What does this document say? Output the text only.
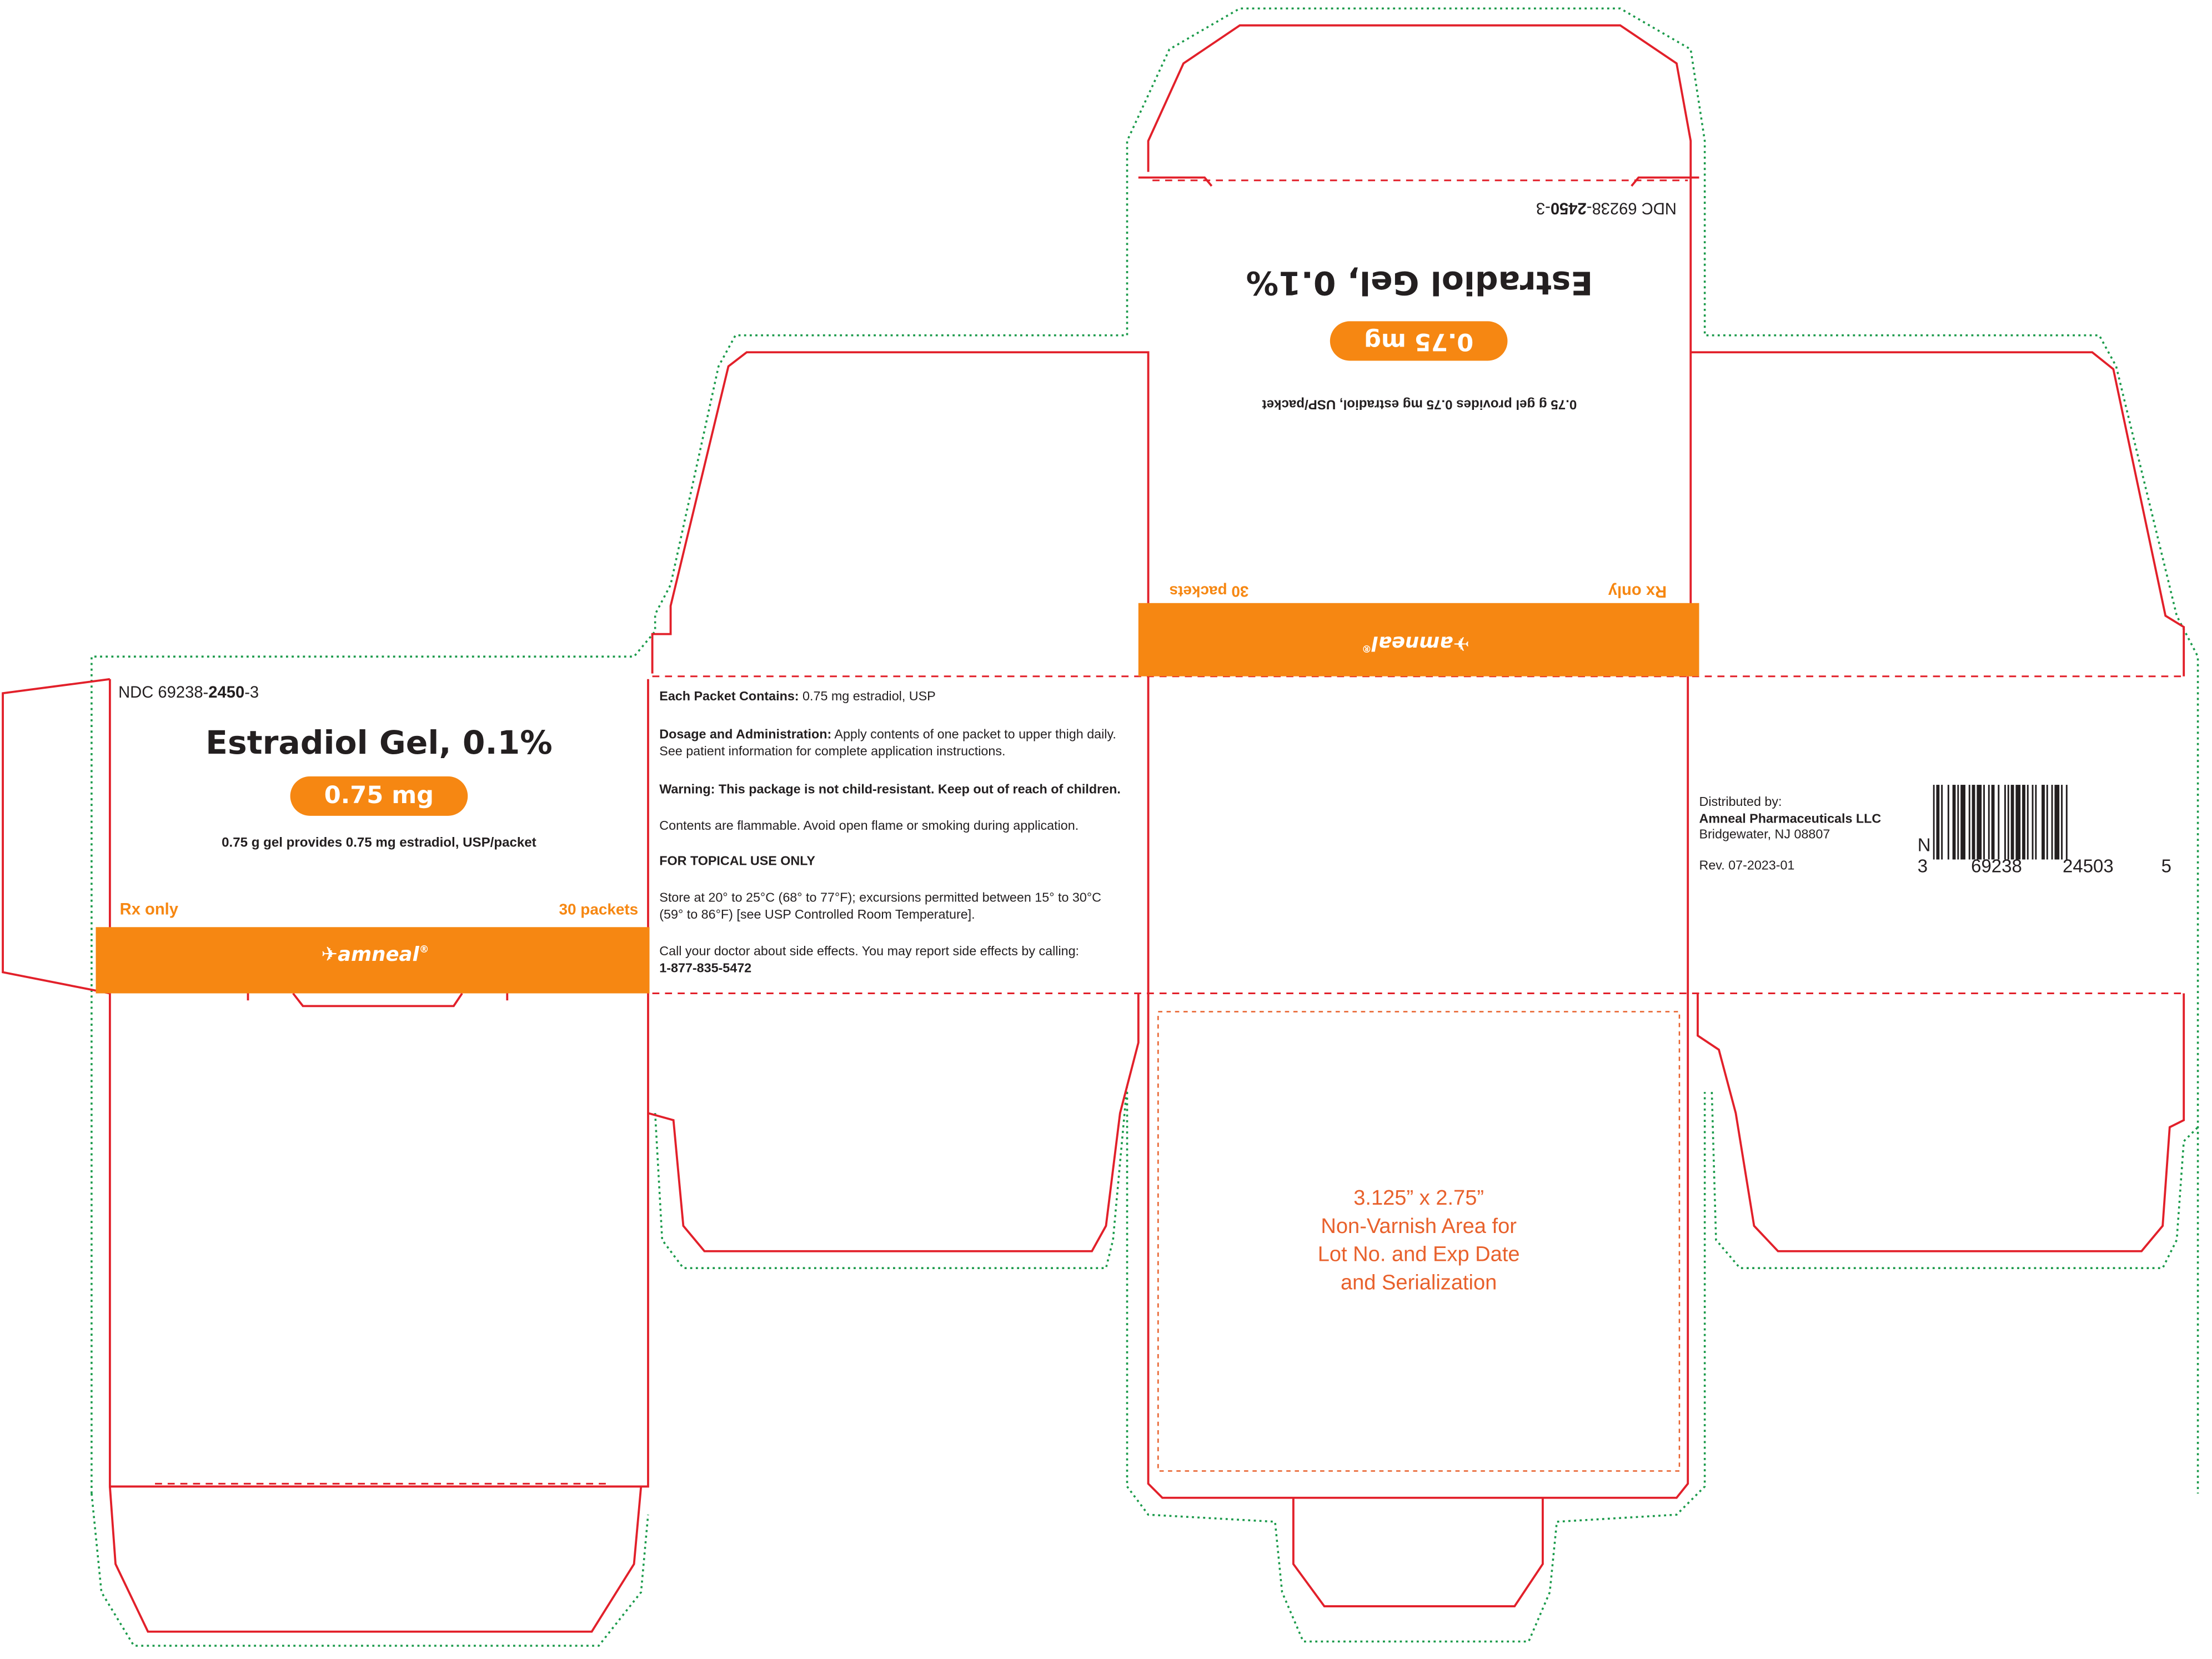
NDC 69238-2450-3
Estradiol Gel, 0.1%
0.75 mg
0.75 g gel provides 0.75 mg estradiol, USP/packet
Rx only	30 packets
✈amneal®
NDC 69238-2450-3
Estradiol Gel, 0.1%
0.75 mg
0.75 g gel provides 0.75 mg estradiol, USP/packet
Rx only
30 packets
✈amneal®
Each Packet Contains: 0.75 mg estradiol, USP
Dosage and Administration: Apply contents of one packet to upper thigh daily.
See patient information for complete application instructions.
Warning: This package is not child-resistant. Keep out of reach of children.
Contents are flammable. Avoid open flame or smoking during application.
FOR TOPICAL USE ONLY
Store at 20° to 25°C (68° to 77°F); excursions permitted between 15° to 30°C
(59° to 86°F) [see USP Controlled Room Temperature].
Call your doctor about side effects. You may report side effects by calling:
1-877-835-5472
Distributed by:
Amneal Pharmaceuticals LLC
Bridgewater, NJ 08807
Rev. 07-2023-01
N
3	69238	24503	5
3.125” x 2.75”
Non-Varnish Area for
Lot No. and Exp Date
and Serialization
